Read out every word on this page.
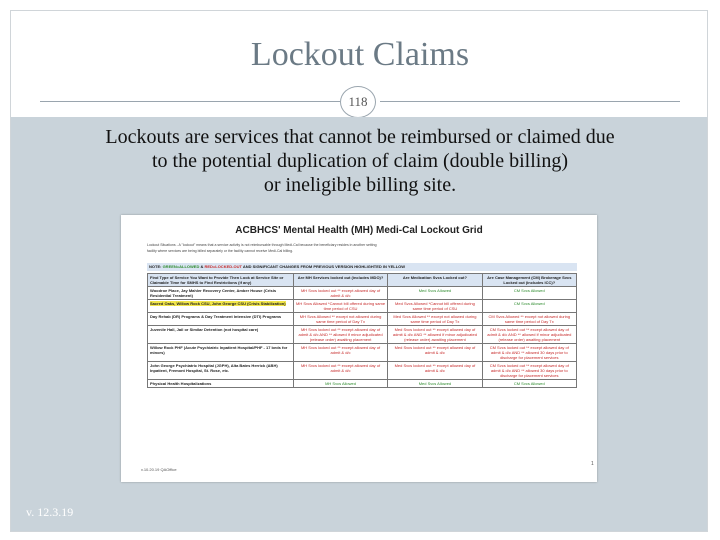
Lockout Claims
118
Lockouts are services that cannot be reimbursed or claimed due
to the potential duplication of claim (double billing)
or ineligible billing site.
ACBHCS' Mental Health (MH) Medi-Cal Lockout Grid
Lockout Situations - A "lockout" means that a service activity is not reimbursable through Medi-Cal because the beneficiary resides in another setting
facility where services are being billed separately or the facility cannot receive Medi-Cal billing.
NOTE: GREEN=ALLOWED & RED=LOCKED-OUT AND SIGNIFICANT CHANGES FROM PREVIOUS VERSION HIGHLIGHTED IN YELLOW
Find Type of Service You Want to Provide Then Look at Service Site or Claimable Time for SMHS to Find Restrictions (if any)	Are MH Services locked out (includes MDO)?	Are Medication Svcs Locked out?	Are Case Management (CM) Brokerage Svcs Locked out (includes ICC)?
Woodroe Place, Jay Mahler Recovery Center, Amber House (Crisis Residential Treatment)	MH Svcs locked out ** except allowed day of admit & d/c	Med Svcs Allowed	CM Svcs Allowed
Sacred Oaks, Willow Rock CSU, John George CSU (Crisis Stabilization)	MH Svcs Allowed *Cannot bill offered during same time period of CSU	Med Svcs Allowed *Cannot bill offered during same time period of CSU	CM Svcs Allowed
Day Rehab (DR) Programs & Day Treatment Intensive (DTI) Programs	MH Svcs Allowed ** except not allowed during same time period of Day Tx	Med Svcs Allowed ** except not allowed during same time period of Day Tx	CM Svcs Allowed ** except not allowed during same time period of Day Tx
Juvenile Hall, Jail or Similar Detention (not hospital care)	MH Svcs locked out ** except allowed day of admit & d/c AND ** allowed if minor adjudicated (release order) awaiting placement	Med Svcs locked out ** except allowed day of admit & d/c AND ** allowed if minor adjudicated (release order) awaiting placement	CM Svcs locked out ** except allowed day of admit & d/c AND ** allowed if minor adjudicated (release order) awaiting placement
Willow Rock PHF (Acute Psychiatric Inpatient Hospital/PHF - 17 beds for minors)	MH Svcs locked out ** except allowed day of admit & d/c	Med Svcs locked out ** except allowed day of admit & d/c	CM Svcs locked out ** except allowed day of admit & d/c AND ** allowed 30 days prior to discharge for placement services
John George Psychiatric Hospital (JGPH), Alta Bates Herrick (ABH) Inpatient, Fremont Hospital, St. Rose, etc.	MH Svcs locked out ** except allowed day of admit & d/c	Med Svcs locked out ** except allowed day of admit & d/c	CM Svcs locked out ** except allowed day of admit & d/c AND ** allowed 30 days prior to discharge for placement services
Physical Health Hospitalizations	MH Svcs Allowed	Med Svcs Allowed	CM Svcs Allowed
v.10.20.19 QAOffice
1
v. 12.3.19
